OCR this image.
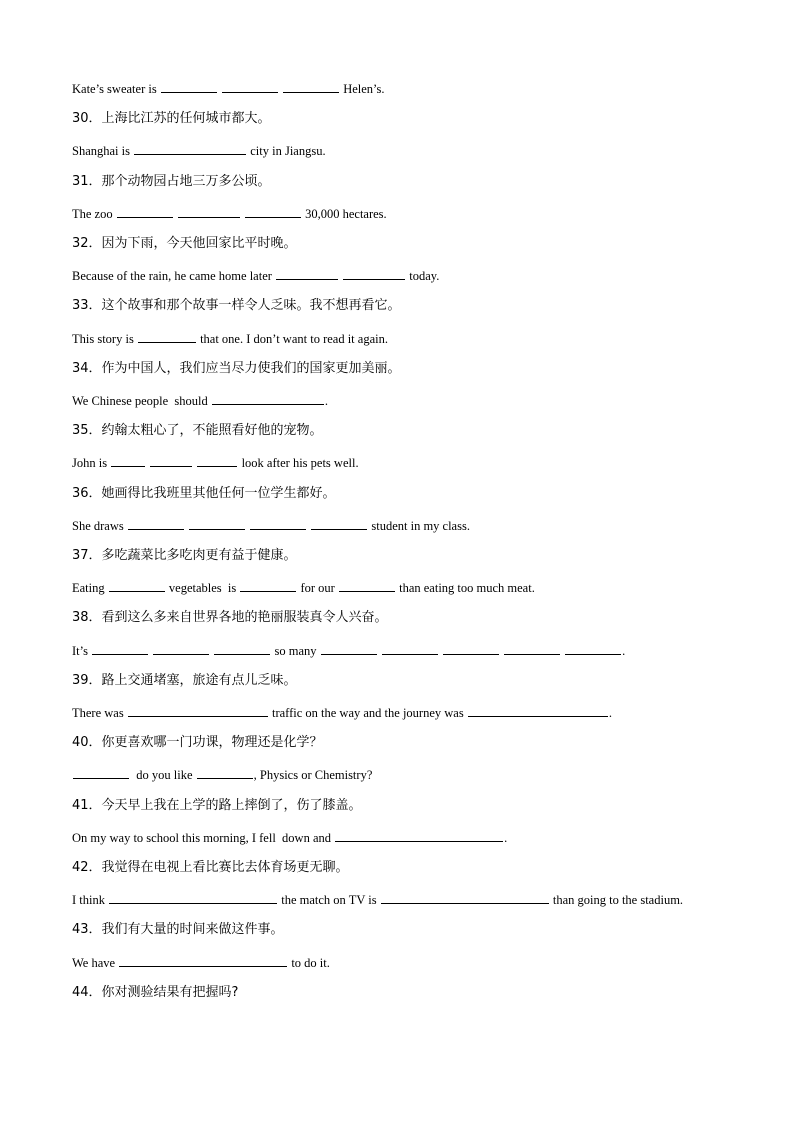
Kate’s sweater is	Helen’s.
30．上海比江苏的任何城市都大。
Shanghai is	city in Jiangsu.
31．那个动物园占地三万多公顷。
The zoo	30,000 hectares.
32．因为下雨，今天他回家比平时晚。
Because of the rain, he came home later	today.
33．这个故事和那个故事一样令人乏味。我不想再看它。
This story is	that one. I don’t want to read it again.
34．作为中国人，我们应当尽力使我们的国家更加美丽。
We Chinese people  should	.
35．约翰太粗心了，不能照看好他的宠物。
John is	look after his pets well.
36．她画得比我班里其他任何一位学生都好。
She draws	student in my class.
37．多吃蔬菜比多吃肉更有益于健康。
Eating	vegetables  is	for our	than eating too much meat.
38．看到这么多来自世界各地的艳丽服装真令人兴奋。
It’s	so many	.
39．路上交通堵塞，旅途有点儿乏味。
There was	traffic on the way and the journey was	.
40．你更喜欢哪一门功课，物理还是化学？
do you like	, Physics or Chemistry?
41．今天早上我在上学的路上摔倒了，伤了膝盖。
On my way to school this morning, I fell  down and	.
42．我觉得在电视上看比赛比去体育场更无聊。
I think	the match on TV is	than going to the stadium.
43．我们有大量的时间来做这件事。
We have	to do it.
44．你对测验结果有把握吗?
